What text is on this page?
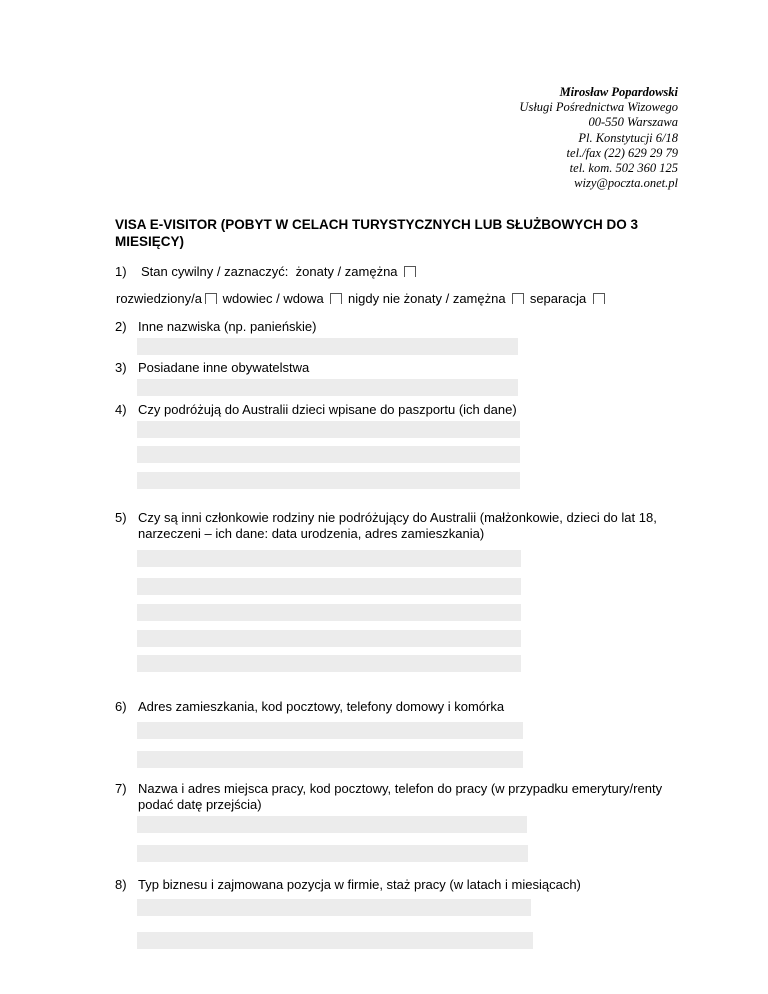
Mirosław Popardowski
Usługi Pośrednictwa Wizowego
00-550 Warszawa
Pl. Konstytucji 6/18
tel./fax (22) 629 29 79
tel. kom. 502 360 125
wizy@poczta.onet.pl
VISA E-VISITOR (POBYT W CELACH TURYSTYCZNYCH LUB SŁUŻBOWYCH DO 3 MIESIĘCY)
1) Stan cywilny / zaznaczyć: żonaty / zamężna
rozwiedziony/a wdowiec / wdowa nigdy nie żonaty / zamężna separacja
2) Inne nazwiska (np. panieńskie)
3) Posiadane inne obywatelstwa
4) Czy podróżują do Australii dzieci wpisane do paszportu (ich dane)
5) Czy są inni członkowie rodziny nie podróżujący do Australii (małżonkowie, dzieci do lat 18, narzeczeni – ich dane: data urodzenia, adres zamieszkania)
6) Adres zamieszkania, kod pocztowy, telefony domowy i komórka
7) Nazwa i adres miejsca pracy, kod pocztowy, telefon do pracy (w przypadku emerytury/renty podać datę przejścia)
8) Typ biznesu i zajmowana pozycja w firmie, staż pracy (w latach i miesiącach)
